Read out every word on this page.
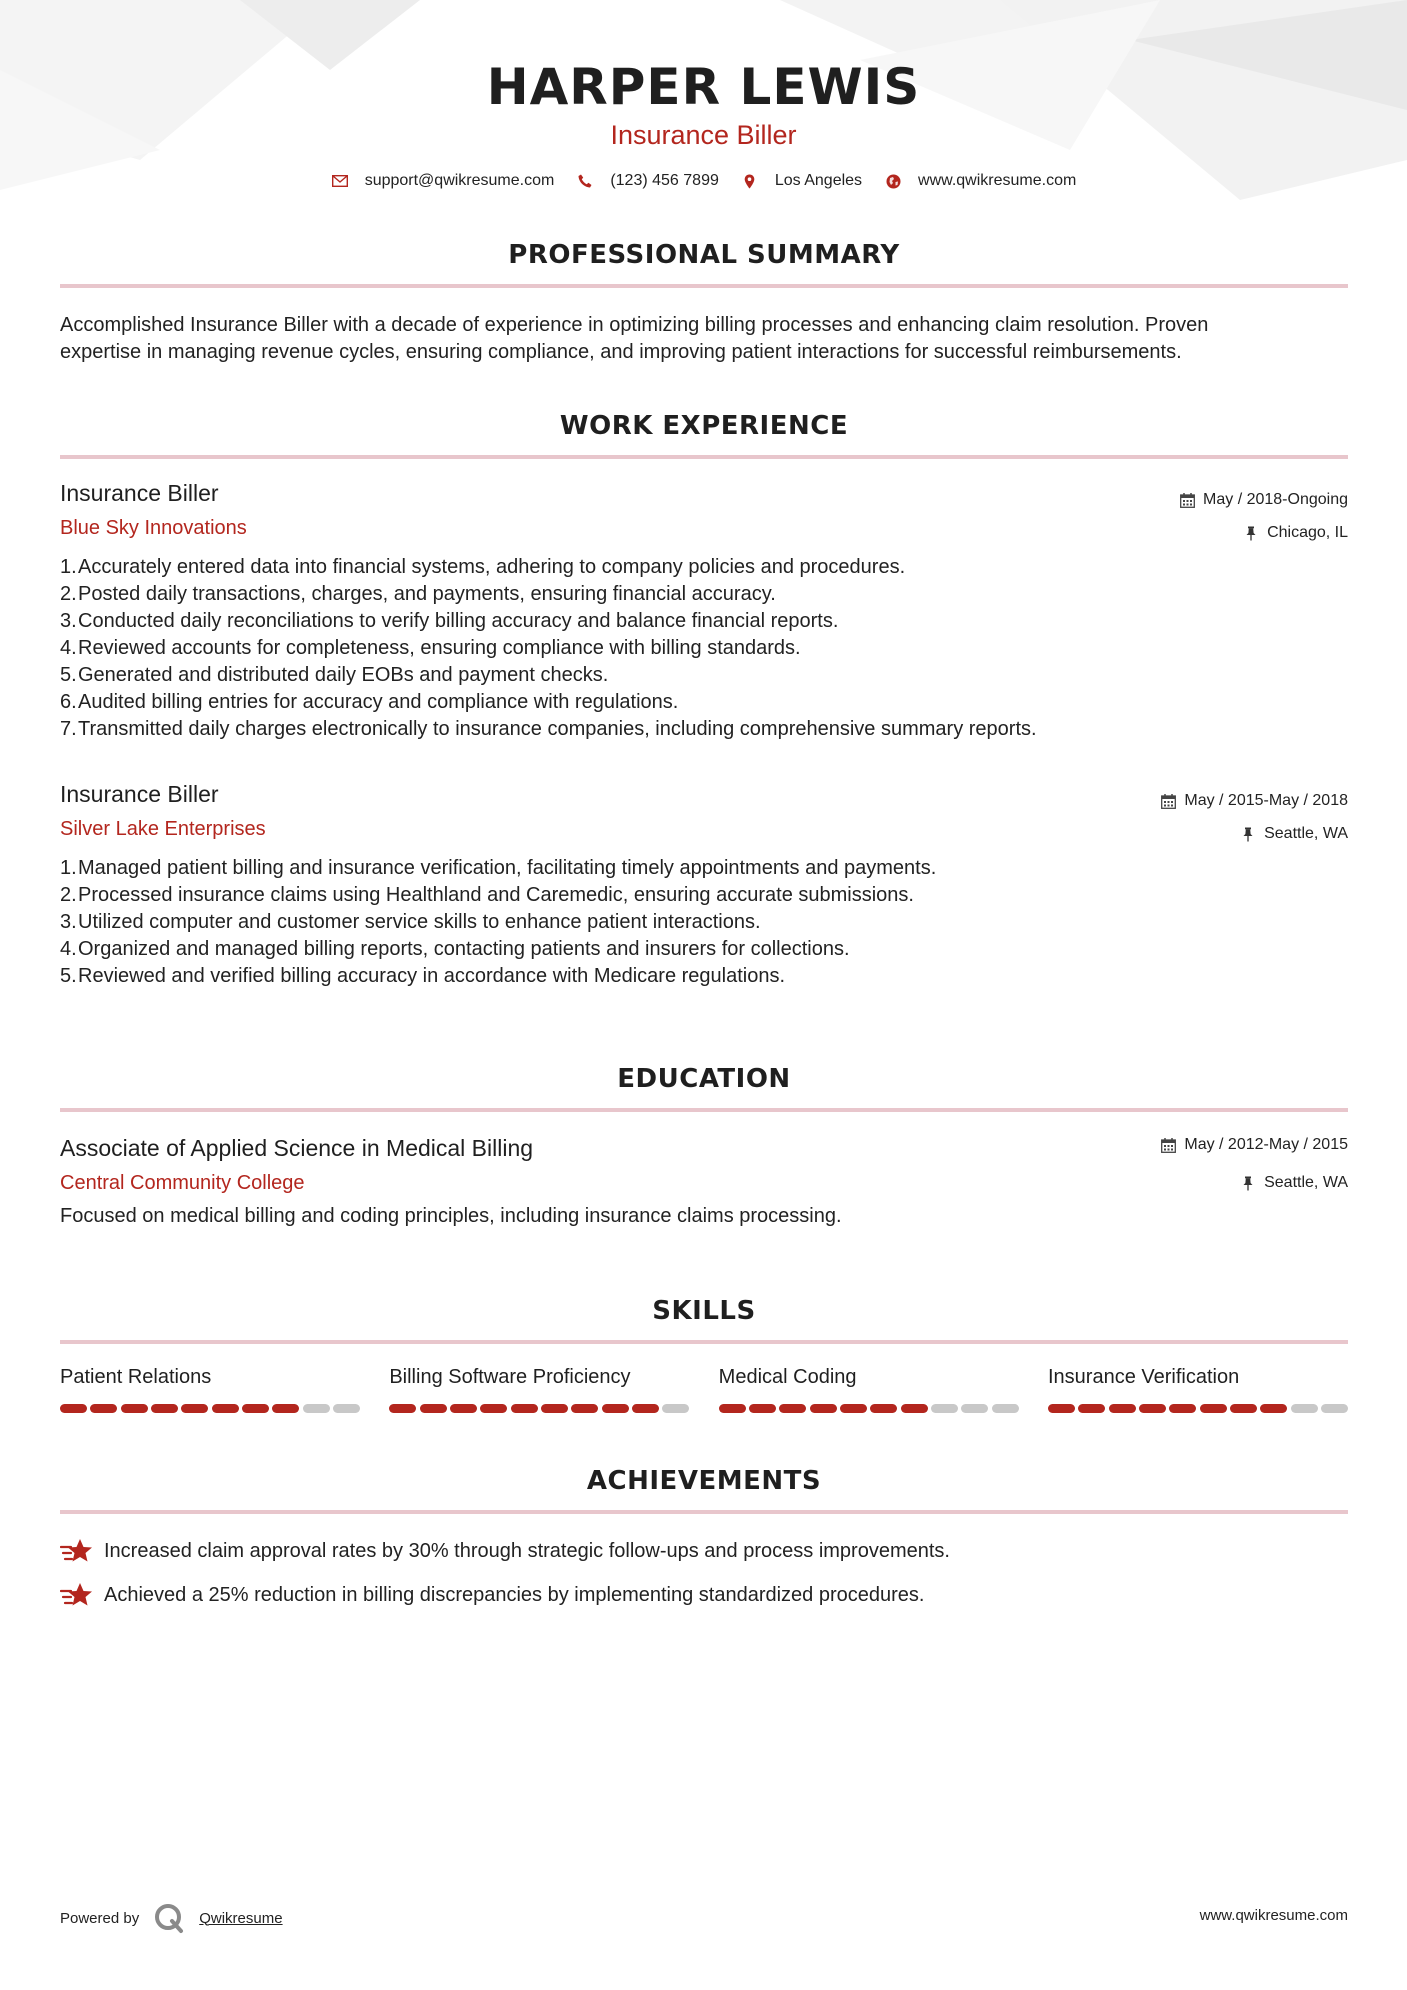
HARPER LEWIS
Insurance Biller
support@qwikresume.com	(123) 456 7899	Los Angeles	www.qwikresume.com
PROFESSIONAL SUMMARY
Accomplished Insurance Biller with a decade of experience in optimizing billing processes and enhancing claim resolution. Proven
expertise in managing revenue cycles, ensuring compliance, and improving patient interactions for successful reimbursements.
WORK EXPERIENCE
Insurance Biller
Blue Sky Innovations
May / 2018-Ongoing
Chicago, IL
1. Accurately entered data into financial systems, adhering to company policies and procedures.
2. Posted daily transactions, charges, and payments, ensuring financial accuracy.
3. Conducted daily reconciliations to verify billing accuracy and balance financial reports.
4. Reviewed accounts for completeness, ensuring compliance with billing standards.
5. Generated and distributed daily EOBs and payment checks.
6. Audited billing entries for accuracy and compliance with regulations.
7. Transmitted daily charges electronically to insurance companies, including comprehensive summary reports.
Insurance Biller
Silver Lake Enterprises
May / 2015-May / 2018
Seattle, WA
1. Managed patient billing and insurance verification, facilitating timely appointments and payments.
2. Processed insurance claims using Healthland and Caremedic, ensuring accurate submissions.
3. Utilized computer and customer service skills to enhance patient interactions.
4. Organized and managed billing reports, contacting patients and insurers for collections.
5. Reviewed and verified billing accuracy in accordance with Medicare regulations.
EDUCATION
Associate of Applied Science in Medical Billing
Central Community College
May / 2012-May / 2015
Seattle, WA
Focused on medical billing and coding principles, including insurance claims processing.
SKILLS
Patient Relations	Billing Software Proficiency	Medical Coding	Insurance Verification
ACHIEVEMENTS
Increased claim approval rates by 30% through strategic follow-ups and process improvements.
Achieved a 25% reduction in billing discrepancies by implementing standardized procedures.
Powered by	Qwikresume	www.qwikresume.com
